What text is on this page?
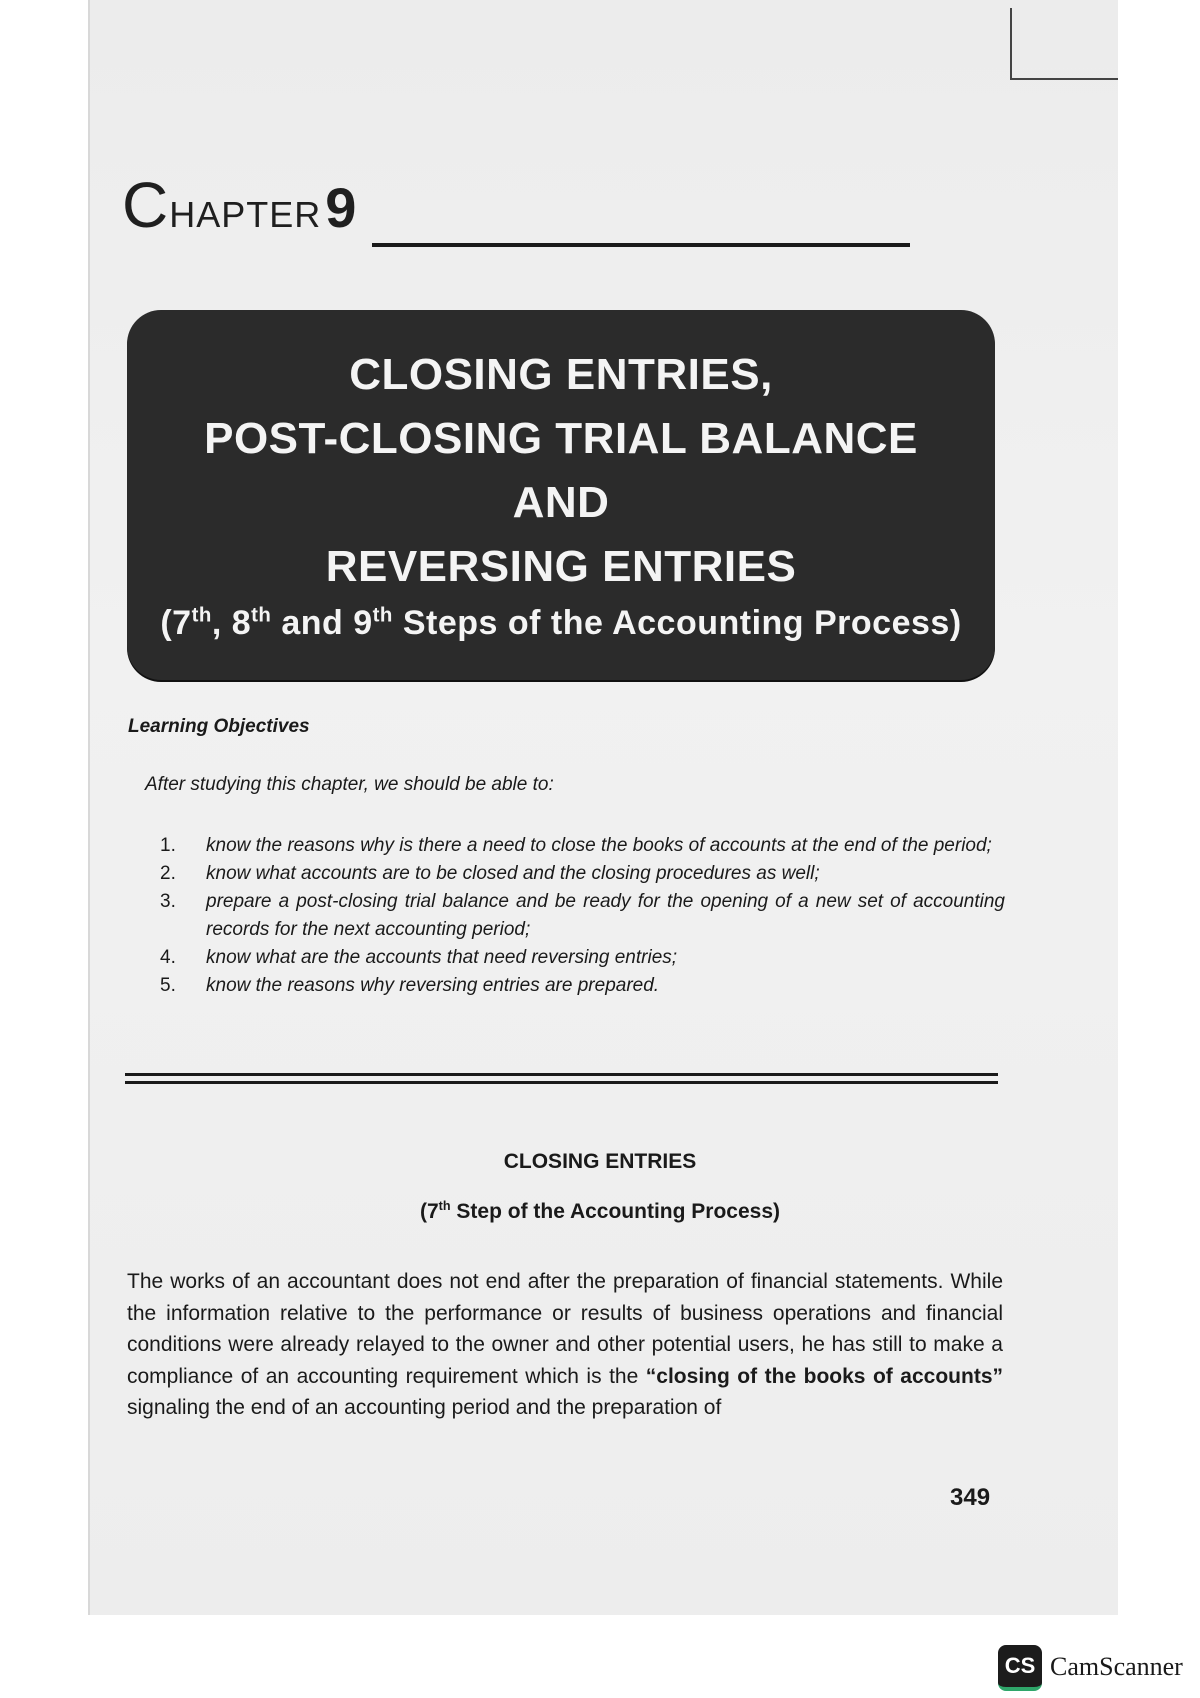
CHAPTER9
CLOSING ENTRIES,
POST-CLOSING TRIAL BALANCE
AND
REVERSING ENTRIES
(7th, 8th and 9th Steps of the Accounting Process)
Learning Objectives
After studying this chapter, we should be able to:
1. know the reasons why is there a need to close the books of accounts at the end of the period;
2. know what accounts are to be closed and the closing procedures as well;
3. prepare a post-closing trial balance and be ready for the opening of a new set of accounting records for the next accounting period;
4. know what are the accounts that need reversing entries;
5. know the reasons why reversing entries are prepared.
CLOSING ENTRIES
(7th Step of the Accounting Process)

The works of an accountant does not end after the preparation of financial statements. While the information relative to the performance or results of business operations and financial conditions were already relayed to the owner and other potential users, he has still to make a compliance of an accounting requirement which is the “closing of the books of accounts” signaling the end of an accounting period and the preparation of

349
CS CamScanner
